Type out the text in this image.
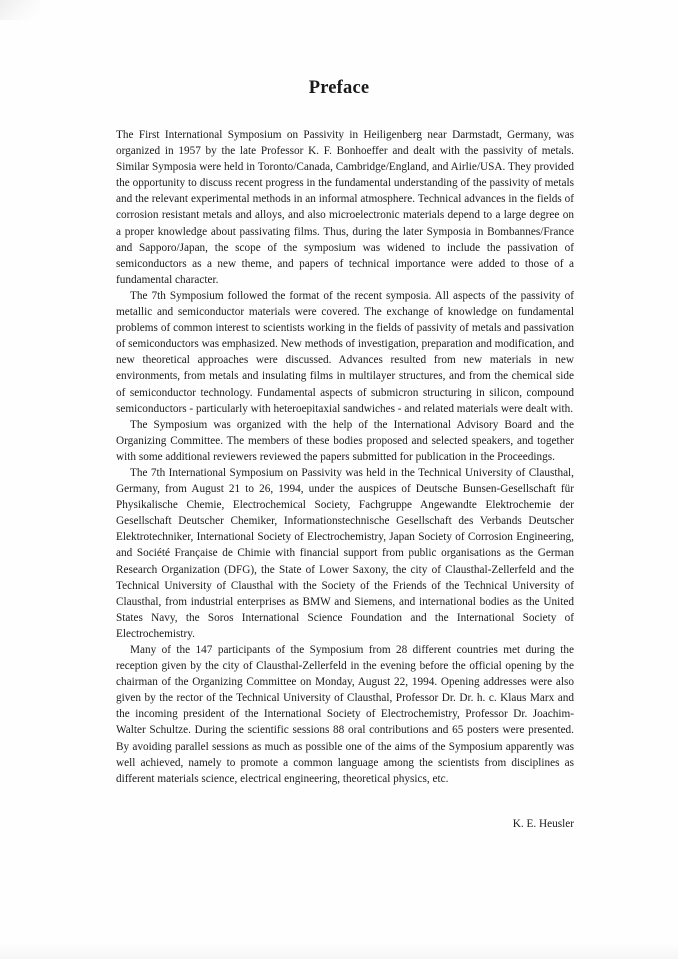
Preface

The First International Symposium on Passivity in Heiligenberg near Darmstadt, Germany, was organized in 1957 by the late Professor K. F. Bonhoeffer and dealt with the passivity of metals. Similar Symposia were held in Toronto/Canada, Cambridge/England, and Airlie/USA. They provided the opportunity to discuss recent progress in the fundamental understanding of the passivity of metals and the relevant experimental methods in an informal atmosphere. Technical advances in the fields of corrosion resistant metals and alloys, and also microelectronic materials depend to a large degree on a proper knowledge about passivating films. Thus, during the later Symposia in Bombannes/France and Sapporo/Japan, the scope of the symposium was widened to include the passivation of semiconductors as a new theme, and papers of technical importance were added to those of a fundamental character.

The 7th Symposium followed the format of the recent symposia. All aspects of the passivity of metallic and semiconductor materials were covered. The exchange of knowledge on fundamental problems of common interest to scientists working in the fields of passivity of metals and passivation of semiconductors was emphasized. New methods of investigation, preparation and modification, and new theoretical approaches were discussed. Advances resulted from new materials in new environments, from metals and insulating films in multilayer structures, and from the chemical side of semiconductor technology. Fundamental aspects of submicron structuring in silicon, compound semiconductors - particularly with heteroepitaxial sandwiches - and related materials were dealt with.

The Symposium was organized with the help of the International Advisory Board and the Organizing Committee. The members of these bodies proposed and selected speakers, and together with some additional reviewers reviewed the papers submitted for publication in the Proceedings.

The 7th International Symposium on Passivity was held in the Technical University of Clausthal, Germany, from August 21 to 26, 1994, under the auspices of Deutsche Bunsen-Gesellschaft für Physikalische Chemie, Electrochemical Society, Fachgruppe Angewandte Elektrochemie der Gesellschaft Deutscher Chemiker, Informationstechnische Gesellschaft des Verbands Deutscher Elektrotechniker, International Society of Electrochemistry, Japan Society of Corrosion Engineering, and Société Française de Chimie with financial support from public organisations as the German Research Organization (DFG), the State of Lower Saxony, the city of Clausthal-Zellerfeld and the Technical University of Clausthal with the Society of the Friends of the Technical University of Clausthal, from industrial enterprises as BMW and Siemens, and international bodies as the United States Navy, the Soros International Science Foundation and the International Society of Electrochemistry.

Many of the 147 participants of the Symposium from 28 different countries met during the reception given by the city of Clausthal-Zellerfeld in the evening before the official opening by the chairman of the Organizing Committee on Monday, August 22, 1994. Opening addresses were also given by the rector of the Technical University of Clausthal, Professor Dr. Dr. h. c. Klaus Marx and the incoming president of the International Society of Electrochemistry, Professor Dr. Joachim-Walter Schultze. During the scientific sessions 88 oral contributions and 65 posters were presented. By avoiding parallel sessions as much as possible one of the aims of the Symposium apparently was well achieved, namely to promote a common language among the scientists from disciplines as different materials science, electrical engineering, theoretical physics, etc.

K. E. Heusler
